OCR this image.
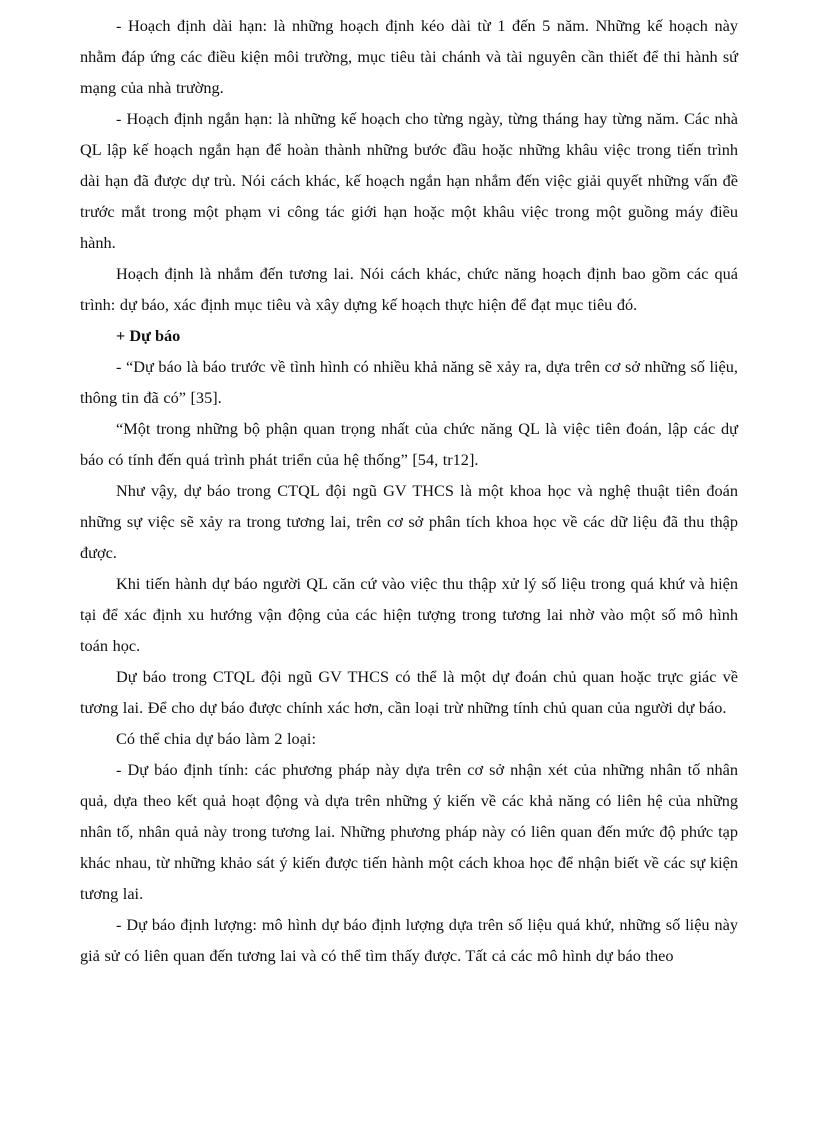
- Hoạch định dài hạn: là những hoạch định kéo dài từ 1 đến 5 năm. Những kế hoạch này nhằm đáp ứng các điều kiện môi trường, mục tiêu tài chánh và tài nguyên cần thiết để thi hành sứ mạng của nhà trường.

- Hoạch định ngắn hạn: là những kế hoạch cho từng ngày, từng tháng hay từng năm. Các nhà QL lập kế hoạch ngắn hạn để hoàn thành những bước đầu hoặc những khâu việc trong tiến trình dài hạn đã được dự trù. Nói cách khác, kế hoạch ngắn hạn nhắm đến việc giải quyết những vấn đề trước mắt trong một phạm vi công tác giới hạn hoặc một khâu việc trong một guồng máy điều hành.

Hoạch định là nhắm đến tương lai. Nói cách khác, chức năng hoạch định bao gồm các quá trình: dự báo, xác định mục tiêu và xây dựng kế hoạch thực hiện để đạt mục tiêu đó.

+ Dự báo

- “Dự báo là báo trước về tình hình có nhiều khả năng sẽ xảy ra, dựa trên cơ sở những số liệu, thông tin đã có” [35].

“Một trong những bộ phận quan trọng nhất của chức năng QL là việc tiên đoán, lập các dự báo có tính đến quá trình phát triển của hệ thống” [54, tr12].

Như vậy, dự báo trong CTQL đội ngũ GV THCS là một khoa học và nghệ thuật tiên đoán những sự việc sẽ xảy ra trong tương lai, trên cơ sở phân tích khoa học về các dữ liệu đã thu thập được.

Khi tiến hành dự báo người QL căn cứ vào việc thu thập xử lý số liệu trong quá khứ và hiện tại để xác định xu hướng vận động của các hiện tượng trong tương lai nhờ vào một số mô hình toán học.

Dự báo trong CTQL đội ngũ GV THCS có thể là một dự đoán chủ quan hoặc trực giác về tương lai. Để cho dự báo được chính xác hơn, cần loại trừ những tính chủ quan của người dự báo.

Có thể chia dự báo làm 2 loại:

- Dự báo định tính: các phương pháp này dựa trên cơ sở nhận xét của những nhân tố nhân quả, dựa theo kết quả hoạt động và dựa trên những ý kiến về các khả năng có liên hệ của những nhân tố, nhân quả này trong tương lai. Những phương pháp này có liên quan đến mức độ phức tạp khác nhau, từ những khảo sát ý kiến được tiến hành một cách khoa học để nhận biết về các sự kiện tương lai.

- Dự báo định lượng: mô hình dự báo định lượng dựa trên số liệu quá khứ, những số liệu này giả sử có liên quan đến tương lai và có thể tìm thấy được. Tất cả các mô hình dự báo theo
